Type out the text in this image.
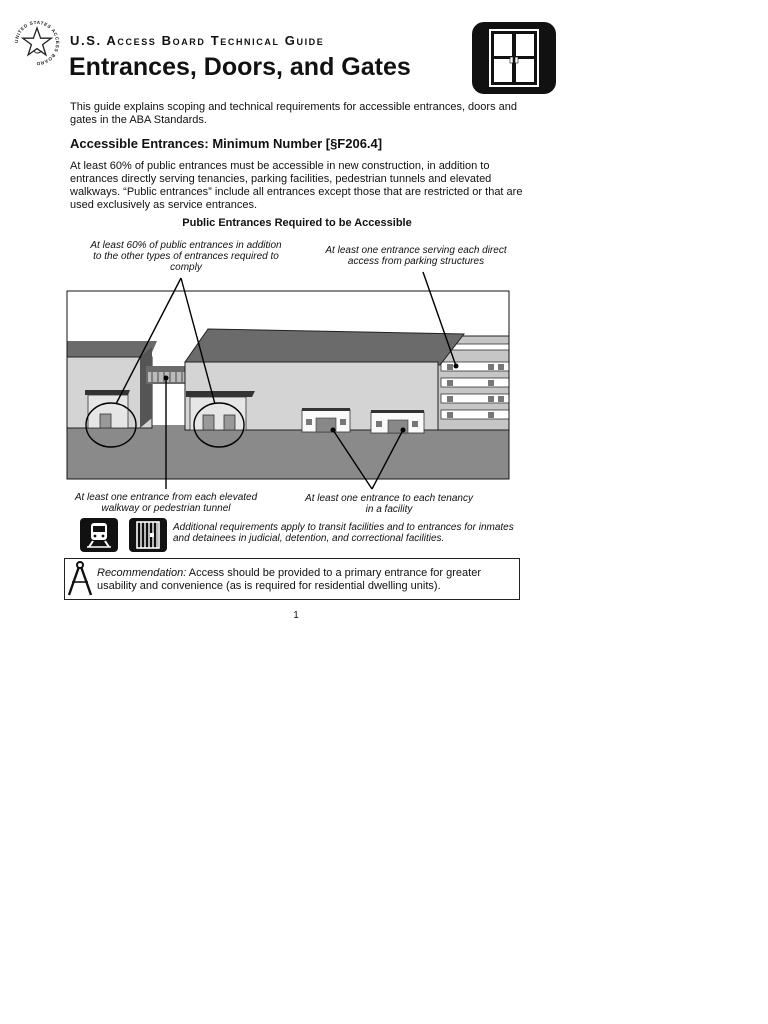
UNITED STATES ACCESS BOARD
U.S. Access Board Technical Guide
Entrances, Doors, and Gates
This guide explains scoping and technical requirements for accessible entrances, doors and gates in the ABA Standards.
Accessible Entrances: Minimum Number [§F206.4]
At least 60% of public entrances must be accessible in new construction, in addition to entrances directly serving tenancies, parking facilities, pedestrian tunnels and elevated walkways. “Public entrances” include all entrances except those that are restricted or that are used exclusively as service entrances.
Public Entrances Required to be Accessible
At least 60% of public entrances in addition to the other types of entrances required to comply
At least one entrance serving each direct access from parking structures
At least one entrance from each elevated walkway or pedestrian tunnel
At least one entrance to each tenancy in a facility
Additional requirements apply to transit facilities and to entrances for inmates and detainees in judicial, detention, and correctional facilities.
Recommendation: Access should be provided to a primary entrance for greater usability and convenience (as is required for residential dwelling units).
1
